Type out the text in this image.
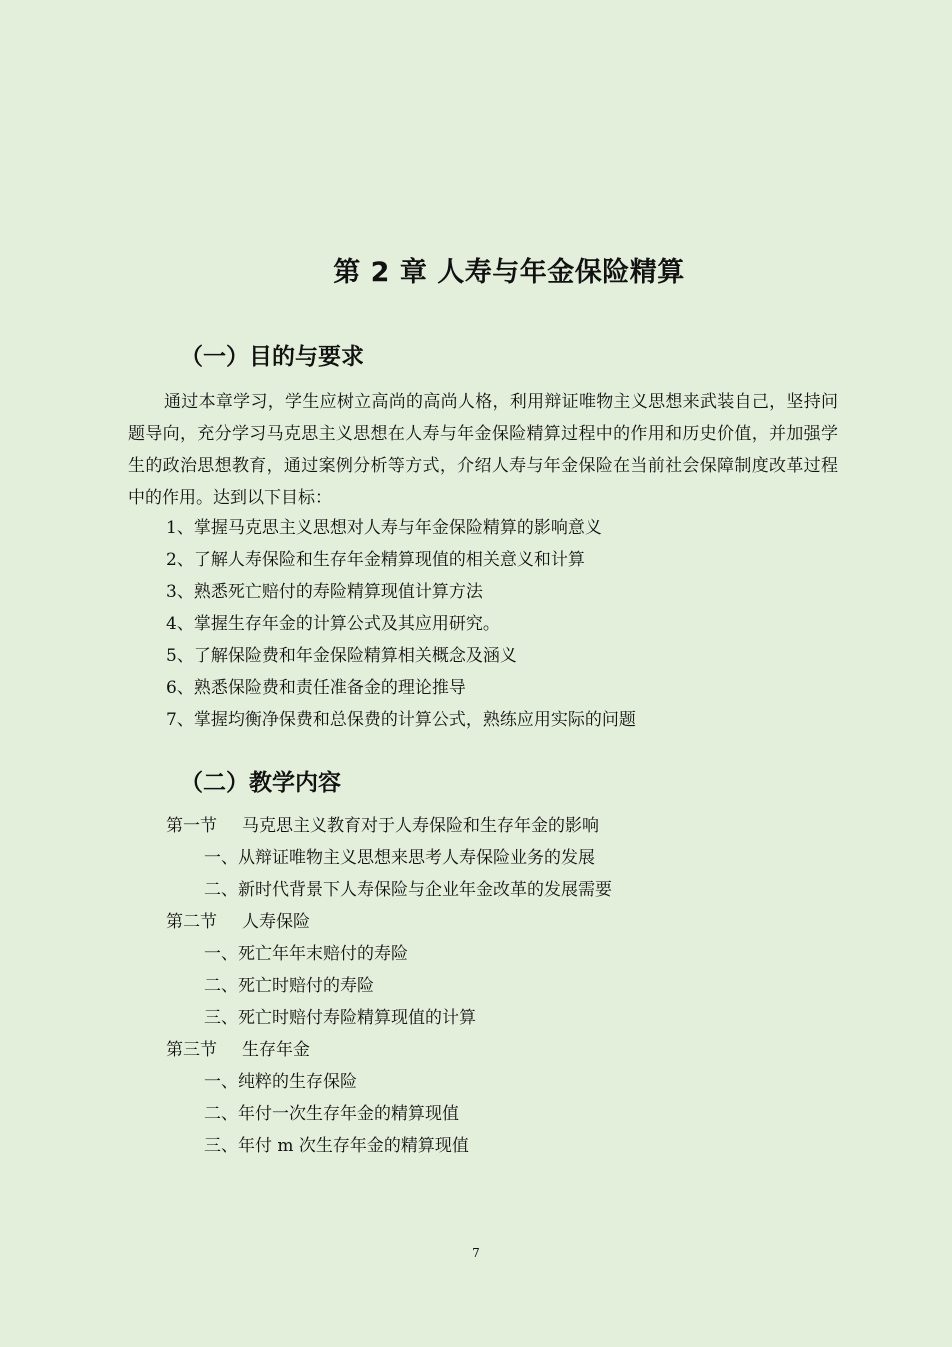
第 2 章 人寿与年金保险精算
（一）目的与要求

通过本章学习，学生应树立高尚的高尚人格，利用辩证唯物主义思想来武装自己，坚持问题导向，充分学习马克思主义思想在人寿与年金保险精算过程中的作用和历史价值，并加强学生的政治思想教育，通过案例分析等方式，介绍人寿与年金保险在当前社会保障制度改革过程中的作用。达到以下目标：

1、掌握马克思主义思想对人寿与年金保险精算的影响意义
2、了解人寿保险和生存年金精算现值的相关意义和计算
3、熟悉死亡赔付的寿险精算现值计算方法
4、掌握生存年金的计算公式及其应用研究。
5、了解保险费和年金保险精算相关概念及涵义
6、熟悉保险费和责任准备金的理论推导
7、掌握均衡净保费和总保费的计算公式，熟练应用实际的问题
（二）教学内容
第一节 马克思主义教育对于人寿保险和生存年金的影响
一、从辩证唯物主义思想来思考人寿保险业务的发展
二、新时代背景下人寿保险与企业年金改革的发展需要
第二节 人寿保险
一、死亡年年末赔付的寿险
二、死亡时赔付的寿险
三、死亡时赔付寿险精算现值的计算
第三节 生存年金
一、纯粹的生存保险
二、年付一次生存年金的精算现值
三、年付 m 次生存年金的精算现值
7
